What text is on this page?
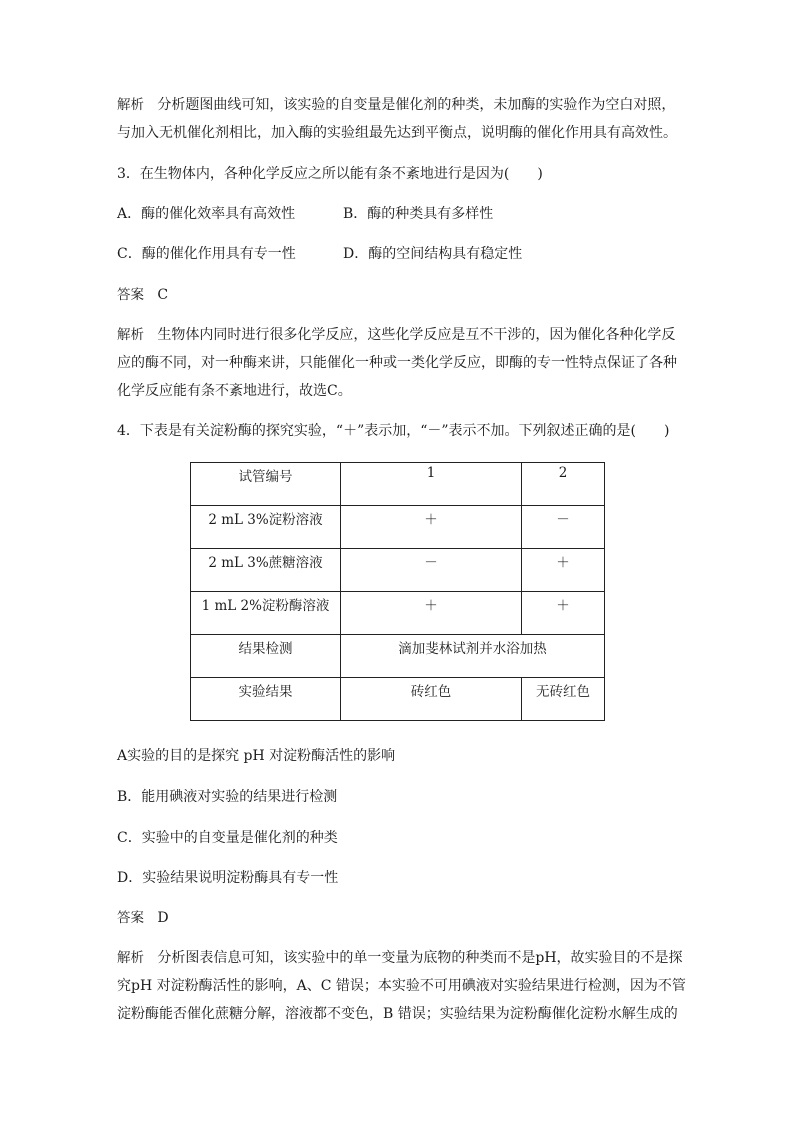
解析 分析题图曲线可知，该实验的自变量是催化剂的种类，未加酶的实验作为空白对照，
与加入无机催化剂相比，加入酶的实验组最先达到平衡点，说明酶的催化作用具有高效性。
3．在生物体内，各种化学反应之所以能有条不紊地进行是因为(　　)
A．酶的催化效率具有高效性	B．酶的种类具有多样性
C．酶的催化作用具有专一性	D．酶的空间结构具有稳定性
答案 C
解析 生物体内同时进行很多化学反应，这些化学反应是互不干涉的，因为催化各种化学反
应的酶不同，对一种酶来讲，只能催化一种或一类化学反应，即酶的专一性特点保证了各种
化学反应能有条不紊地进行，故选C。
4．下表是有关淀粉酶的探究实验，“＋”表示加，“－”表示不加。下列叙述正确的是(　　)
试管编号	1	2
2 mL 3%淀粉溶液	＋	－
2 mL 3%蔗糖溶液	－	＋
1 mL 2%淀粉酶溶液	＋	＋
结果检测	滴加斐林试剂并水浴加热	
实验结果	砖红色	无砖红色
A实验的目的是探究 pH 对淀粉酶活性的影响
B．能用碘液对实验的结果进行检测
C．实验中的自变量是催化剂的种类
D．实验结果说明淀粉酶具有专一性
答案 D
解析 分析图表信息可知，该实验中的单一变量为底物的种类而不是pH，故实验目的不是探
究pH 对淀粉酶活性的影响，A、C 错误；本实验不可用碘液对实验结果进行检测，因为不管
淀粉酶能否催化蔗糖分解，溶液都不变色，B 错误；实验结果为淀粉酶催化淀粉水解生成的
